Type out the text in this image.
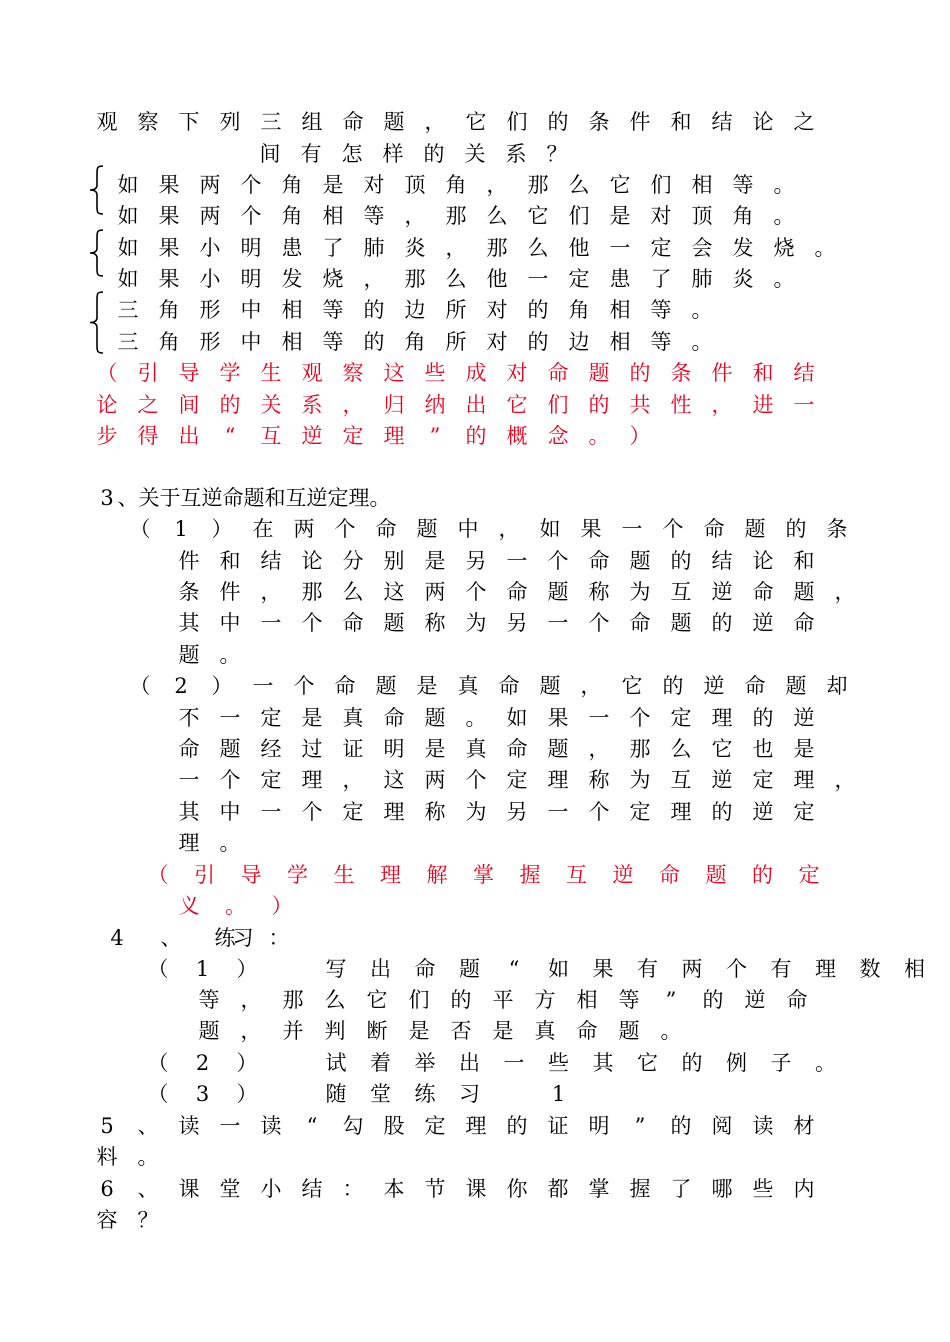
观 察 下 列 三 组 命 题 ， 它 们 的 条 件 和 结 论 之
间 有 怎 样 的 关 系 ？
如 果 两 个 角 是 对 顶 角 ， 那 么 它 们 相 等 。
如 果 两 个 角 相 等 ， 那 么 它 们 是 对 顶 角 。
如 果 小 明 患 了 肺 炎 ， 那 么 他 一 定 会 发 烧 。
如 果 小 明 发 烧 ， 那 么 他 一 定 患 了 肺 炎 。
三 角 形 中 相 等 的 边 所 对 的 角 相 等 。
三 角 形 中 相 等 的 角 所 对 的 边 相 等 。
（ 引 导 学 生 观 察 这 些 成 对 命 题 的 条 件 和 结
论 之 间 的 关 系 ， 归 纳 出 它 们 的 共 性 ， 进 一
步 得 出	“	互 逆 定 理	”	的 概 念 。 ）
3 、 关 于 互 逆 命 题 和 互 逆 定 理 。
（ 1 ） 在 两 个 命 题 中 ， 如 果 一 个 命 题 的 条
件 和 结 论 分 别 是 另 一 个 命 题 的 结 论 和
条 件 ， 那 么 这 两 个 命 题 称 为 互 逆 命 题 ，
其 中 一 个 命 题 称 为 另 一 个 命 题 的 逆 命
题 。
（ 2 ） 一 个 命 题 是 真 命 题 ， 它 的 逆 命 题 却
不 一 定 是 真 命 题 。 如 果 一 个 定 理 的 逆
命 题 经 过 证 明 是 真 命 题 ， 那 么 它 也 是
一 个 定 理 ， 这 两 个 定 理 称 为 互 逆 定 理 ，
其 中 一 个 定 理 称 为 另 一 个 定 理 的 逆 定
理 。
（ 引 导 学 生 理 解 掌 握 互 逆 命 题 的 定
义 。 ）
4 、 练
习 ：
（ 1 ）	写 出 命 题	“	如 果 有 两 个 有 理 数 相
等 ， 那 么 它 们 的 平 方 相 等	”	的 逆 命
题 ， 并 判 断 是 否 是 真 命 题 。
（ 2 ）	试 着 举 出 一 些 其 它 的 例 子 。
（ 3 ）	随 堂 练 习	1
5 、 读 一 读	“	勾 股 定 理 的 证 明	”	的 阅 读 材
料 。
6 、 课 堂 小 结 ： 本 节 课 你 都 掌 握 了 哪 些 内
容 ？
